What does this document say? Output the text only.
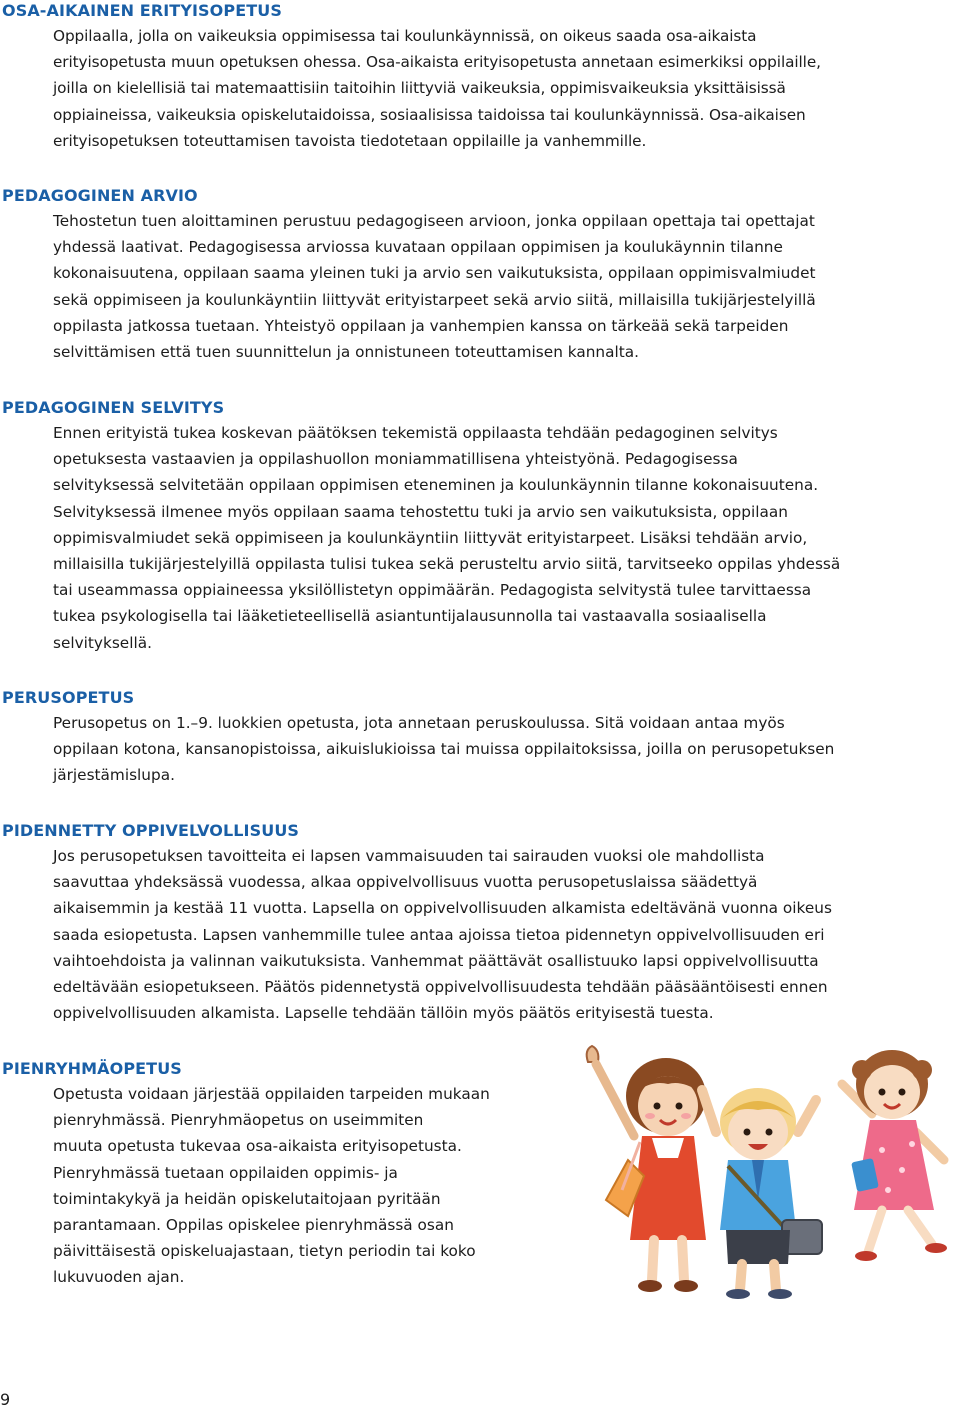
OSA-AIKAINEN ERITYISOPETUS
Oppilaalla, jolla on vaikeuksia oppimisessa tai koulunkäynnissä, on oikeus saada osa-aikaista
erityisopetusta muun opetuksen ohessa. Osa-aikaista erityisopetusta annetaan esimerkiksi oppilaille,
joilla on kielellisiä tai matemaattisiin taitoihin liittyviä vaikeuksia, oppimisvaikeuksia yksittäisissä
oppiaineissa, vaikeuksia opiskelutaidoissa, sosiaalisissa taidoissa tai koulunkäynnissä. Osa-aikaisen
erityisopetuksen toteuttamisen tavoista tiedotetaan oppilaille ja vanhemmille.
PEDAGOGINEN ARVIO
Tehostetun tuen aloittaminen perustuu pedagogiseen arvioon, jonka oppilaan opettaja tai opettajat
yhdessä laativat. Pedagogisessa arviossa kuvataan oppilaan oppimisen ja koulukäynnin tilanne
kokonaisuutena, oppilaan saama yleinen tuki ja arvio sen vaikutuksista, oppilaan oppimisvalmiudet
sekä oppimiseen ja koulunkäyntiin liittyvät erityistarpeet sekä arvio siitä, millaisilla tukijärjestelyillä
oppilasta jatkossa tuetaan. Yhteistyö oppilaan ja vanhempien kanssa on tärkeää sekä tarpeiden
selvittämisen että tuen suunnittelun ja onnistuneen toteuttamisen kannalta.
PEDAGOGINEN SELVITYS
Ennen erityistä tukea koskevan päätöksen tekemistä oppilaasta tehdään pedagoginen selvitys
opetuksesta vastaavien ja oppilashuollon moniammatillisena yhteistyönä. Pedagogisessa
selvityksessä selvitetään oppilaan oppimisen eteneminen ja koulunkäynnin tilanne kokonaisuutena.
Selvityksessä ilmenee myös oppilaan saama tehostettu tuki ja arvio sen vaikutuksista, oppilaan
oppimisvalmiudet sekä oppimiseen ja koulunkäyntiin liittyvät erityistarpeet. Lisäksi tehdään arvio,
millaisilla tukijärjestelyillä oppilasta tulisi tukea sekä perusteltu arvio siitä, tarvitseeko oppilas yhdessä
tai useammassa oppiaineessa yksilöllistetyn oppimäärän. Pedagogista selvitystä tulee tarvittaessa
tukea psykologisella tai lääketieteellisellä asiantuntijalausunnolla tai vastaavalla sosiaalisella
selvityksellä.
PERUSOPETUS
Perusopetus on 1.–9. luokkien opetusta, jota annetaan peruskoulussa. Sitä voidaan antaa myös
oppilaan kotona, kansanopistoissa, aikuislukioissa tai muissa oppilaitoksissa, joilla on perusopetuksen
järjestämislupa.
PIDENNETTY OPPIVELVOLLISUUS
Jos perusopetuksen tavoitteita ei lapsen vammaisuuden tai sairauden vuoksi ole mahdollista
saavuttaa yhdeksässä vuodessa, alkaa oppivelvollisuus vuotta perusopetuslaissa säädettyä
aikaisemmin ja kestää 11 vuotta. Lapsella on oppivelvollisuuden alkamista edeltävänä vuonna oikeus
saada esiopetusta. Lapsen vanhemmille tulee antaa ajoissa tietoa pidennetyn oppivelvollisuuden eri
vaihtoehdoista ja valinnan vaikutuksista. Vanhemmat päättävät osallistuuko lapsi oppivelvollisuutta
edeltävään esiopetukseen. Päätös pidennetystä oppivelvollisuudesta tehdään pääsääntöisesti ennen
oppivelvollisuuden alkamista. Lapselle tehdään tällöin myös päätös erityisestä tuesta.
PIENRYHMÄOPETUS
Opetusta voidaan järjestää oppilaiden tarpeiden mukaan
pienryhmässä. Pienryhmäopetus on useimmiten
muuta opetusta tukevaa osa-aikaista erityisopetusta.
Pienryhmässä tuetaan oppilaiden oppimis- ja
toimintakykyä ja heidän opiskelutaitojaan pyritään
parantamaan. Oppilas opiskelee pienryhmässä osan
päivittäisestä opiskeluajastaan, tietyn periodin tai koko
lukuvuoden ajan.
9
